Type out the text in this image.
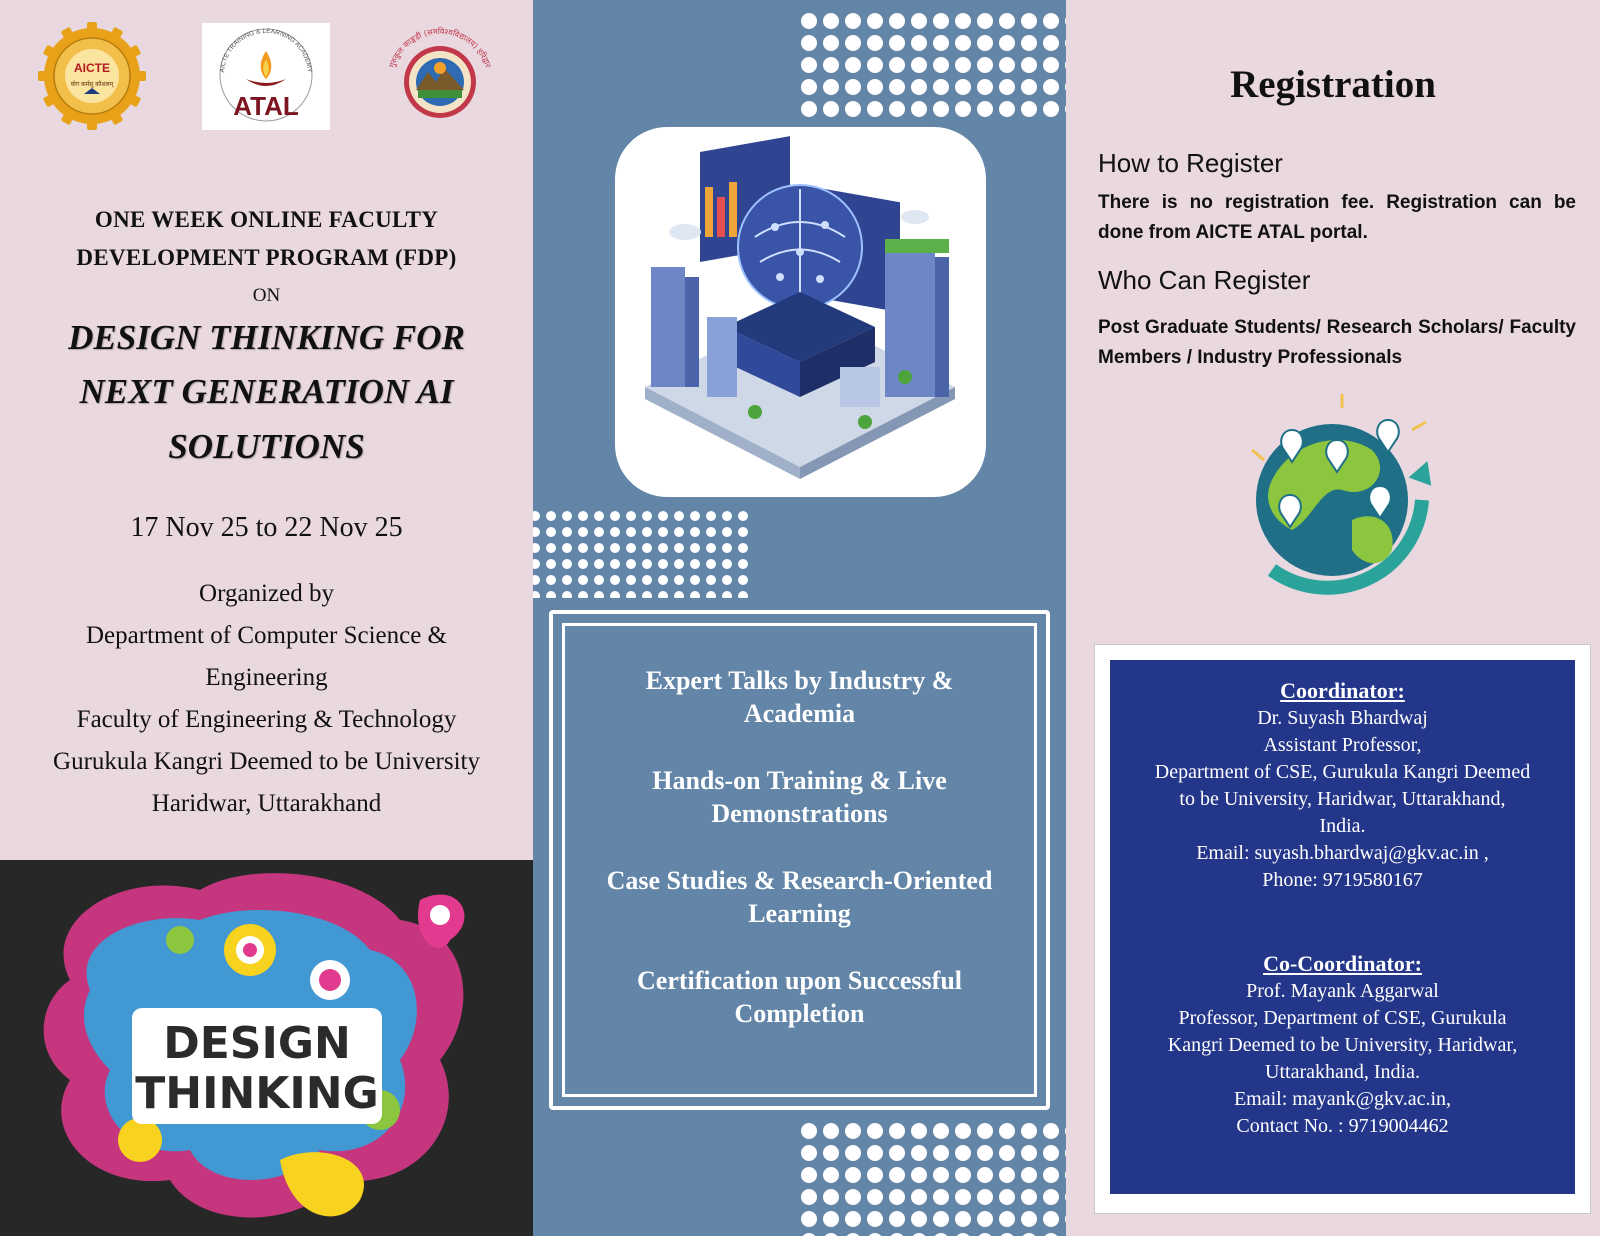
AICTE
योग कर्मसु कौशलम्
AICTE TRAINING & LEARNING ACADEMY
ATAL
गुरुकुल काङ्गड़ी (समविश्वविद्यालय) हरिद्वार
ONE WEEK ONLINE FACULTY
DEVELOPMENT PROGRAM (FDP)
ON
DESIGN THINKING FOR
NEXT GENERATION AI
SOLUTIONS
17 Nov 25 to 22 Nov 25
Organized by
Department of Computer Science &
Engineering
Faculty of Engineering & Technology
Gurukula Kangri Deemed to be University
Haridwar, Uttarakhand
DESIGN
THINKING
Expert Talks by Industry &
Academia
Hands-on Training & Live
Demonstrations
Case Studies & Research-Oriented
Learning
Certification upon Successful
Completion
Registration
How to Register
There is no registration fee. Registration can be done from AICTE ATAL portal.
Who Can Register
Post Graduate Students/ Research Scholars/ Faculty Members / Industry Professionals
Coordinator:
Dr. Suyash Bhardwaj
Assistant Professor,
Department of CSE, Gurukula Kangri Deemed
to be University, Haridwar, Uttarakhand,
India.
Email: suyash.bhardwaj@gkv.ac.in ,
Phone: 9719580167
Co-Coordinator:
Prof. Mayank Aggarwal
Professor, Department of CSE, Gurukula
Kangri Deemed to be University, Haridwar,
Uttarakhand, India.
Email: mayank@gkv.ac.in,
Contact No. : 9719004462
